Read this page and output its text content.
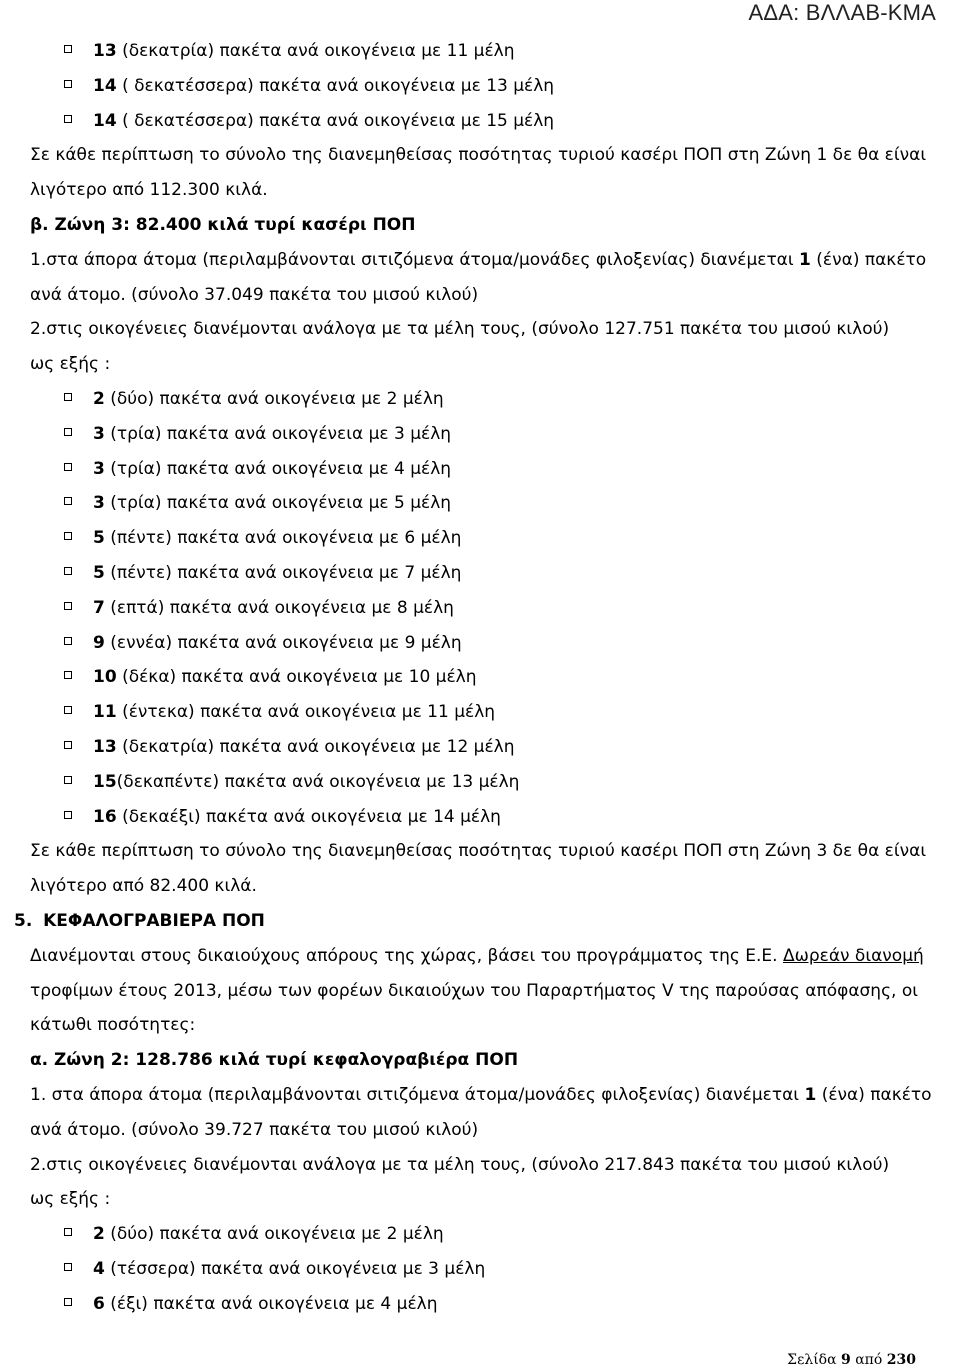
ΑΔΑ: ΒΛΛΑΒ-ΚΜΑ
13 (δεκατρία) πακέτα ανά οικογένεια με 11 μέλη
14 ( δεκατέσσερα) πακέτα ανά οικογένεια με 13 μέλη
14 ( δεκατέσσερα) πακέτα ανά οικογένεια με 15 μέλη
Σε κάθε περίπτωση το σύνολο της διανεμηθείσας ποσότητας τυριού κασέρι ΠΟΠ στη Ζώνη 1 δε θα είναι
λιγότερο από 112.300 κιλά.
β. Ζώνη 3: 82.400 κιλά τυρί κασέρι ΠΟΠ
1.στα άπορα άτομα (περιλαμβάνονται σιτιζόμενα άτομα/μονάδες φιλοξενίας) διανέμεται 1 (ένα) πακέτο
ανά άτομο. (σύνολο 37.049 πακέτα του μισού κιλού)
2.στις οικογένειες διανέμονται ανάλογα με τα μέλη τους, (σύνολο 127.751 πακέτα του μισού κιλού)
ως εξής :
2 (δύο) πακέτα ανά οικογένεια με 2 μέλη
3 (τρία) πακέτα ανά οικογένεια με 3 μέλη
3 (τρία) πακέτα ανά οικογένεια με 4 μέλη
3 (τρία) πακέτα ανά οικογένεια με 5 μέλη
5 (πέντε) πακέτα ανά οικογένεια με 6 μέλη
5 (πέντε) πακέτα ανά οικογένεια με 7 μέλη
7 (επτά) πακέτα ανά οικογένεια με 8 μέλη
9 (εννέα) πακέτα ανά οικογένεια με 9 μέλη
10 (δέκα) πακέτα ανά οικογένεια με 10 μέλη
11 (έντεκα) πακέτα ανά οικογένεια με 11 μέλη
13 (δεκατρία) πακέτα ανά οικογένεια με 12 μέλη
15(δεκαπέντε) πακέτα ανά οικογένεια με 13 μέλη
16 (δεκαέξι) πακέτα ανά οικογένεια με 14 μέλη
Σε κάθε περίπτωση το σύνολο της διανεμηθείσας ποσότητας τυριού κασέρι ΠΟΠ στη Ζώνη 3 δε θα είναι
λιγότερο από 82.400 κιλά.
5. ΚΕΦΑΛΟΓΡΑΒΙΕΡΑ ΠΟΠ
Διανέμονται στους δικαιούχους απόρους της χώρας, βάσει του προγράμματος της Ε.Ε. Δωρεάν διανομή
τροφίμων έτους 2013, μέσω των φορέων δικαιούχων του Παραρτήματος V της παρούσας απόφασης, οι
κάτωθι ποσότητες:
α. Ζώνη 2: 128.786 κιλά τυρί κεφαλογραβιέρα ΠΟΠ
1. στα άπορα άτομα (περιλαμβάνονται σιτιζόμενα άτομα/μονάδες φιλοξενίας) διανέμεται 1 (ένα) πακέτο
ανά άτομο. (σύνολο 39.727 πακέτα του μισού κιλού)
2.στις οικογένειες διανέμονται ανάλογα με τα μέλη τους, (σύνολο 217.843 πακέτα του μισού κιλού)
ως εξής :
2 (δύο) πακέτα ανά οικογένεια με 2 μέλη
4 (τέσσερα) πακέτα ανά οικογένεια με 3 μέλη
6 (έξι) πακέτα ανά οικογένεια με 4 μέλη
Σελίδα 9 από 230
